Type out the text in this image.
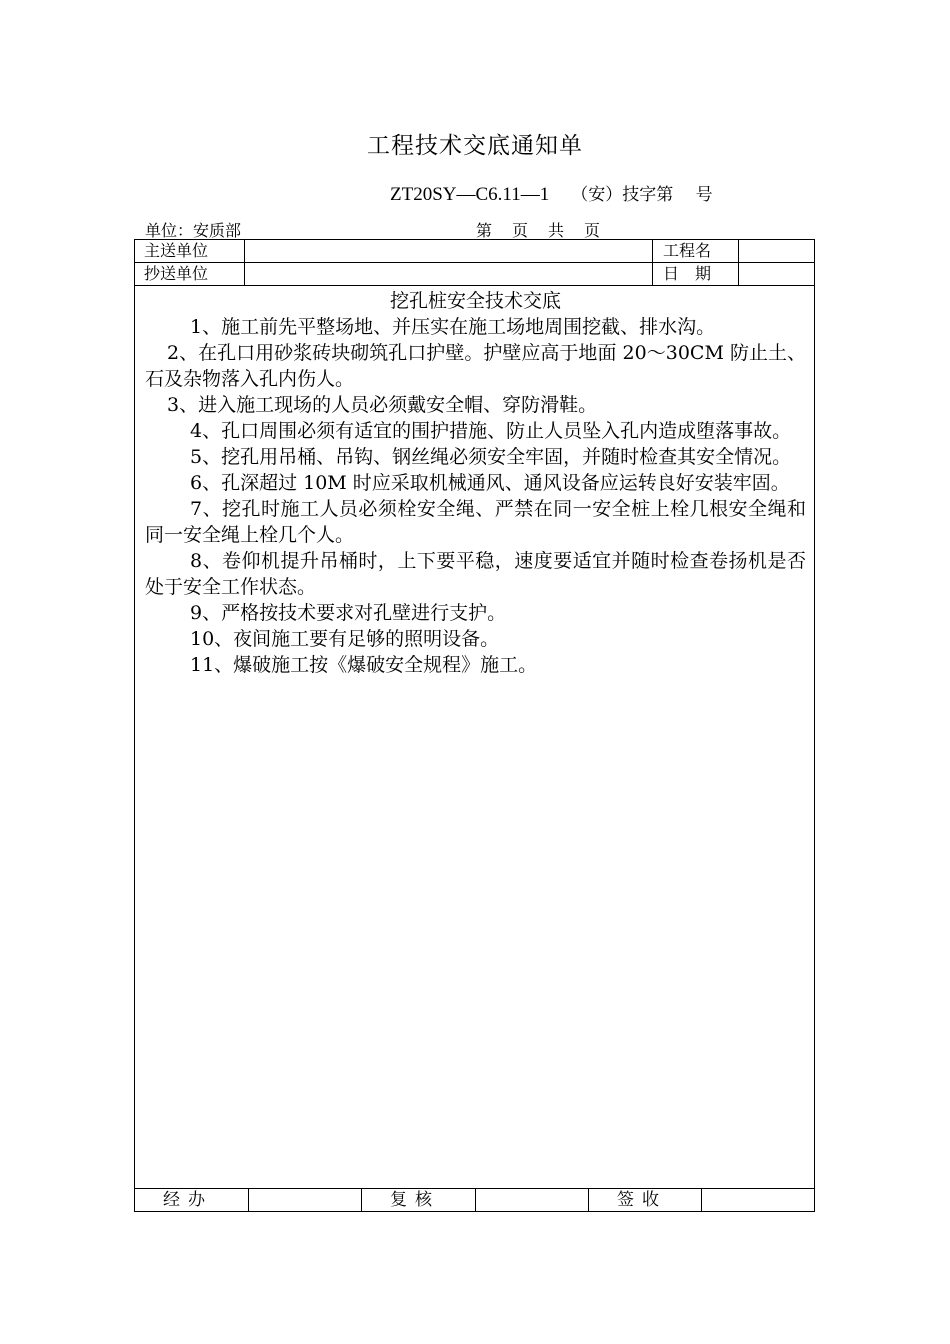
工程技术交底通知单
ZT20SY—C6.11—1 （安）技字第　 号
单位：安质部	第　页　共　页
主送单位	工程名
抄送单位	日　期
挖孔桩安全技术交底

1、施工前先平整场地、并压实在施工场地周围挖截、排水沟。

2、在孔口用砂浆砖块砌筑孔口护壁。护壁应高于地面 20～30CM 防止土、石及杂物落入孔内伤人。

3、进入施工现场的人员必须戴安全帽、穿防滑鞋。

4、孔口周围必须有适宜的围护措施、防止人员坠入孔内造成堕落事故。

5、挖孔用吊桶、吊钩、钢丝绳必须安全牢固，并随时检查其安全情况。

6、孔深超过 10M 时应采取机械通风、通风设备应运转良好安装牢固。

7、挖孔时施工人员必须栓安全绳、严禁在同一安全桩上栓几根安全绳和同一安全绳上栓几个人。

8、卷仰机提升吊桶时，上下要平稳，速度要适宜并随时检查卷扬机是否处于安全工作状态。

9、严格按技术要求对孔壁进行支护。

10、夜间施工要有足够的照明设备。

11、爆破施工按《爆破安全规程》施工。

经办	复核	签收
